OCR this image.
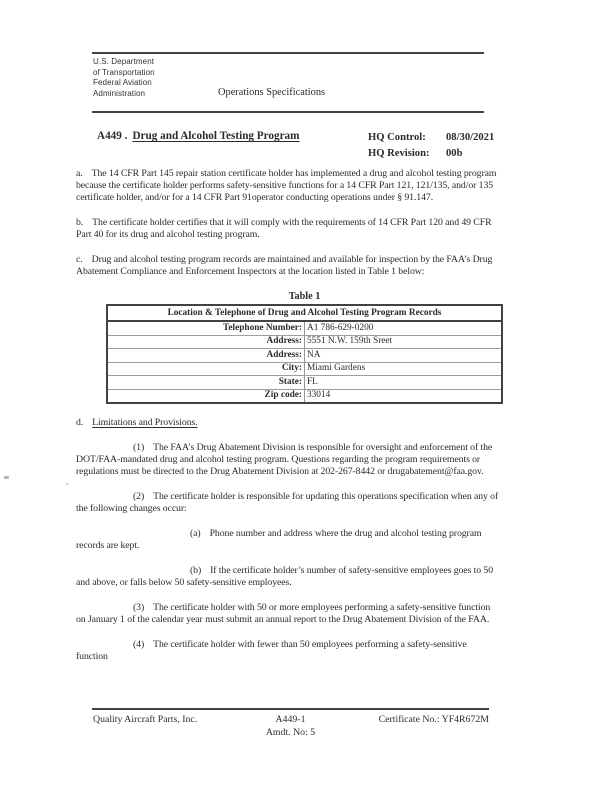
U.S. Department
of Transportation
Federal Aviation
Administration	Operations Specifications
A449 . Drug and Alcohol Testing Program	HQ Control: 08/30/2021
HQ Revision: 00b

a. The 14 CFR Part 145 repair station certificate holder has implemented a drug and alcohol testing program because the certificate holder performs safety-sensitive functions for a 14 CFR Part 121, 121/135, and/or 135 certificate holder, and/or for a 14 CFR Part 91operator conducting operations under § 91.147.

b. The certificate holder certifies that it will comply with the requirements of 14 CFR Part 120 and 49 CFR Part 40 for its drug and alcohol testing program.

c. Drug and alcohol testing program records are maintained and available for inspection by the FAA’s Drug Abatement Compliance and Enforcement Inspectors at the location listed in Table 1 below:

Table 1
Location & Telephone of Drug and Alcohol Testing Program Records	
Telephone Number:	A1 786-629-0200
Address:	5551 N.W. 159th Sreet
Address:	NA
City:	Miami Gardens
State:	FL
Zip code:	33014

d. Limitations and Provisions.

(1) The FAA’s Drug Abatement Division is responsible for oversight and enforcement of the DOT/FAA-mandated drug and alcohol testing program. Questions regarding the program requirements or regulations must be directed to the Drug Abatement Division at 202-267-8442 or drugabatement@faa.gov.

(2) The certificate holder is responsible for updating this operations specification when any of the following changes occur:

(a) Phone number and address where the drug and alcohol testing program records are kept.

(b) If the certificate holder’s number of safety-sensitive employees goes to 50 and above, or falls below 50 safety-sensitive employees.

(3) The certificate holder with 50 or more employees performing a safety-sensitive function on January 1 of the calendar year must submit an annual report to the Drug Abatement Division of the FAA.

(4) The certificate holder with fewer than 50 employees performing a safety-sensitive function

Quality Aircraft Parts, Inc.	A449-1
Amdt. No: 5
Certificate No.: YF4R672M
